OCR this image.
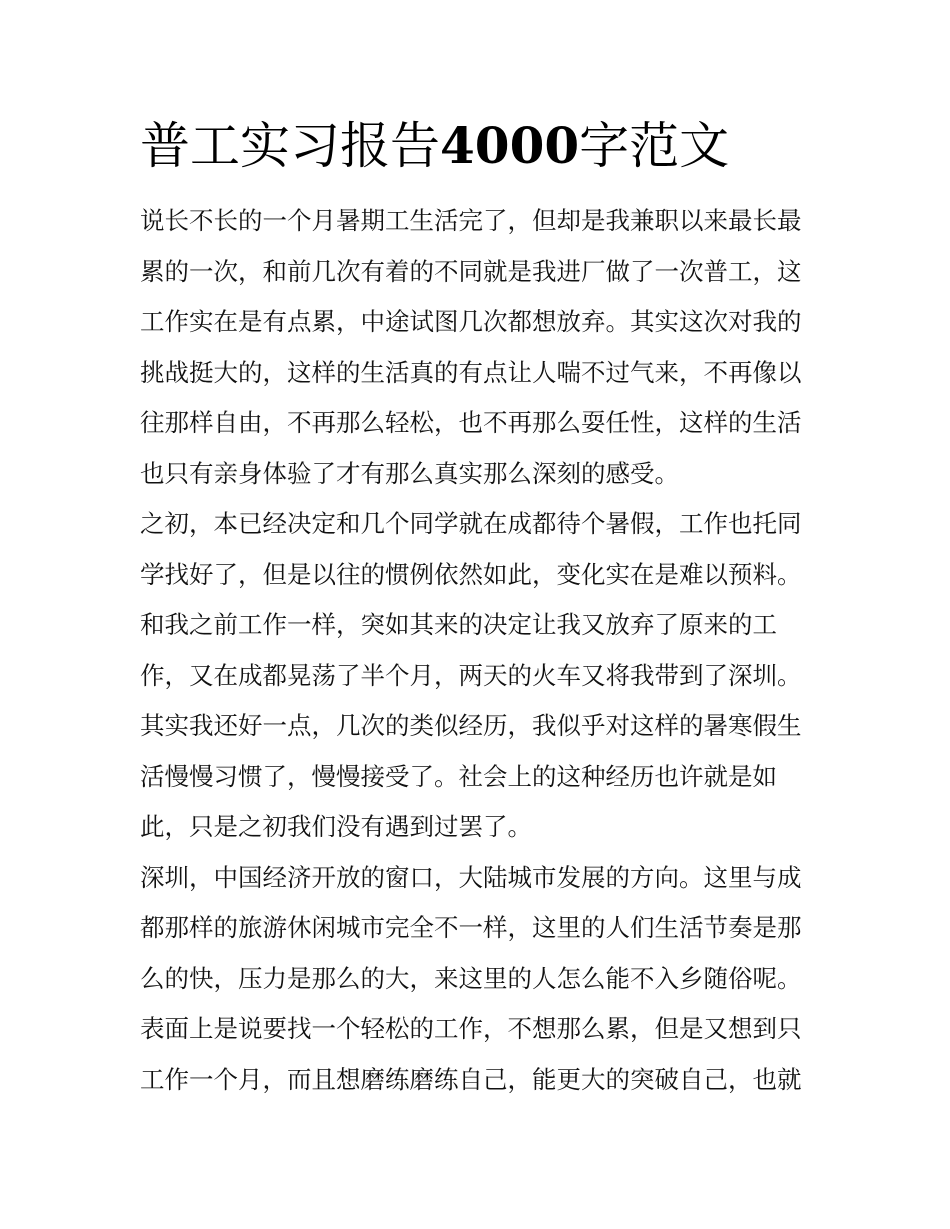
普工实习报告4000字范文
说长不长的一个月暑期工生活完了，但却是我兼职以来最长最
累的一次，和前几次有着的不同就是我进厂做了一次普工，这
工作实在是有点累，中途试图几次都想放弃。其实这次对我的
挑战挺大的，这样的生活真的有点让人喘不过气来，不再像以
往那样自由，不再那么轻松，也不再那么耍任性，这样的生活
也只有亲身体验了才有那么真实那么深刻的感受。
之初，本已经决定和几个同学就在成都待个暑假，工作也托同
学找好了，但是以往的惯例依然如此，变化实在是难以预料。
和我之前工作一样，突如其来的决定让我又放弃了原来的工
作，又在成都晃荡了半个月，两天的火车又将我带到了深圳。
其实我还好一点，几次的类似经历，我似乎对这样的暑寒假生
活慢慢习惯了，慢慢接受了。社会上的这种经历也许就是如
此，只是之初我们没有遇到过罢了。
深圳，中国经济开放的窗口，大陆城市发展的方向。这里与成
都那样的旅游休闲城市完全不一样，这里的人们生活节奏是那
么的快，压力是那么的大，来这里的人怎么能不入乡随俗呢。
表面上是说要找一个轻松的工作，不想那么累，但是又想到只
工作一个月，而且想磨练磨练自己，能更大的突破自己，也就
